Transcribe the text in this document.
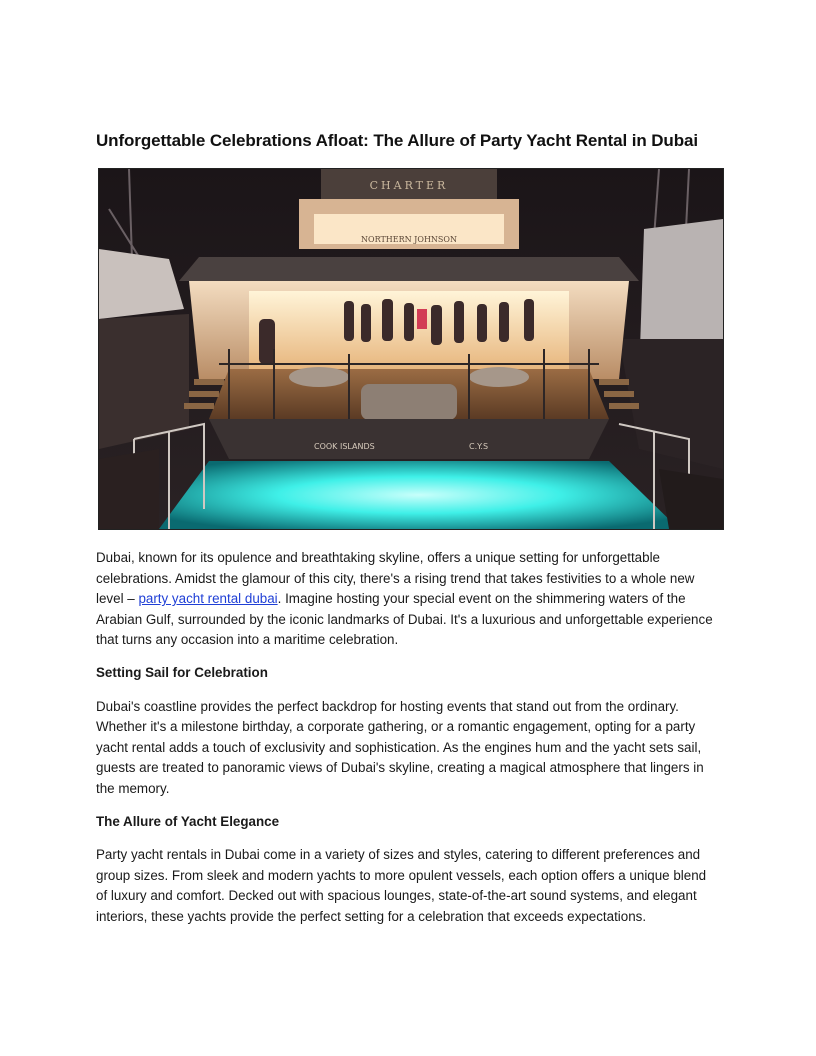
Unforgettable Celebrations Afloat: The Allure of Party Yacht Rental in Dubai
NORTHERN JOHNSON
CHARTER
COOK ISLANDS	C.Y.S

Dubai, known for its opulence and breathtaking skyline, offers a unique setting for unforgettable celebrations. Amidst the glamour of this city, there's a rising trend that takes festivities to a whole new level – party yacht rental dubai. Imagine hosting your special event on the shimmering waters of the Arabian Gulf, surrounded by the iconic landmarks of Dubai. It's a luxurious and unforgettable experience that turns any occasion into a maritime celebration.

Setting Sail for Celebration

Dubai's coastline provides the perfect backdrop for hosting events that stand out from the ordinary. Whether it's a milestone birthday, a corporate gathering, or a romantic engagement, opting for a party yacht rental adds a touch of exclusivity and sophistication. As the engines hum and the yacht sets sail, guests are treated to panoramic views of Dubai's skyline, creating a magical atmosphere that lingers in the memory.

The Allure of Yacht Elegance

Party yacht rentals in Dubai come in a variety of sizes and styles, catering to different preferences and group sizes. From sleek and modern yachts to more opulent vessels, each option offers a unique blend of luxury and comfort. Decked out with spacious lounges, state-of-the-art sound systems, and elegant interiors, these yachts provide the perfect setting for a celebration that exceeds expectations.
